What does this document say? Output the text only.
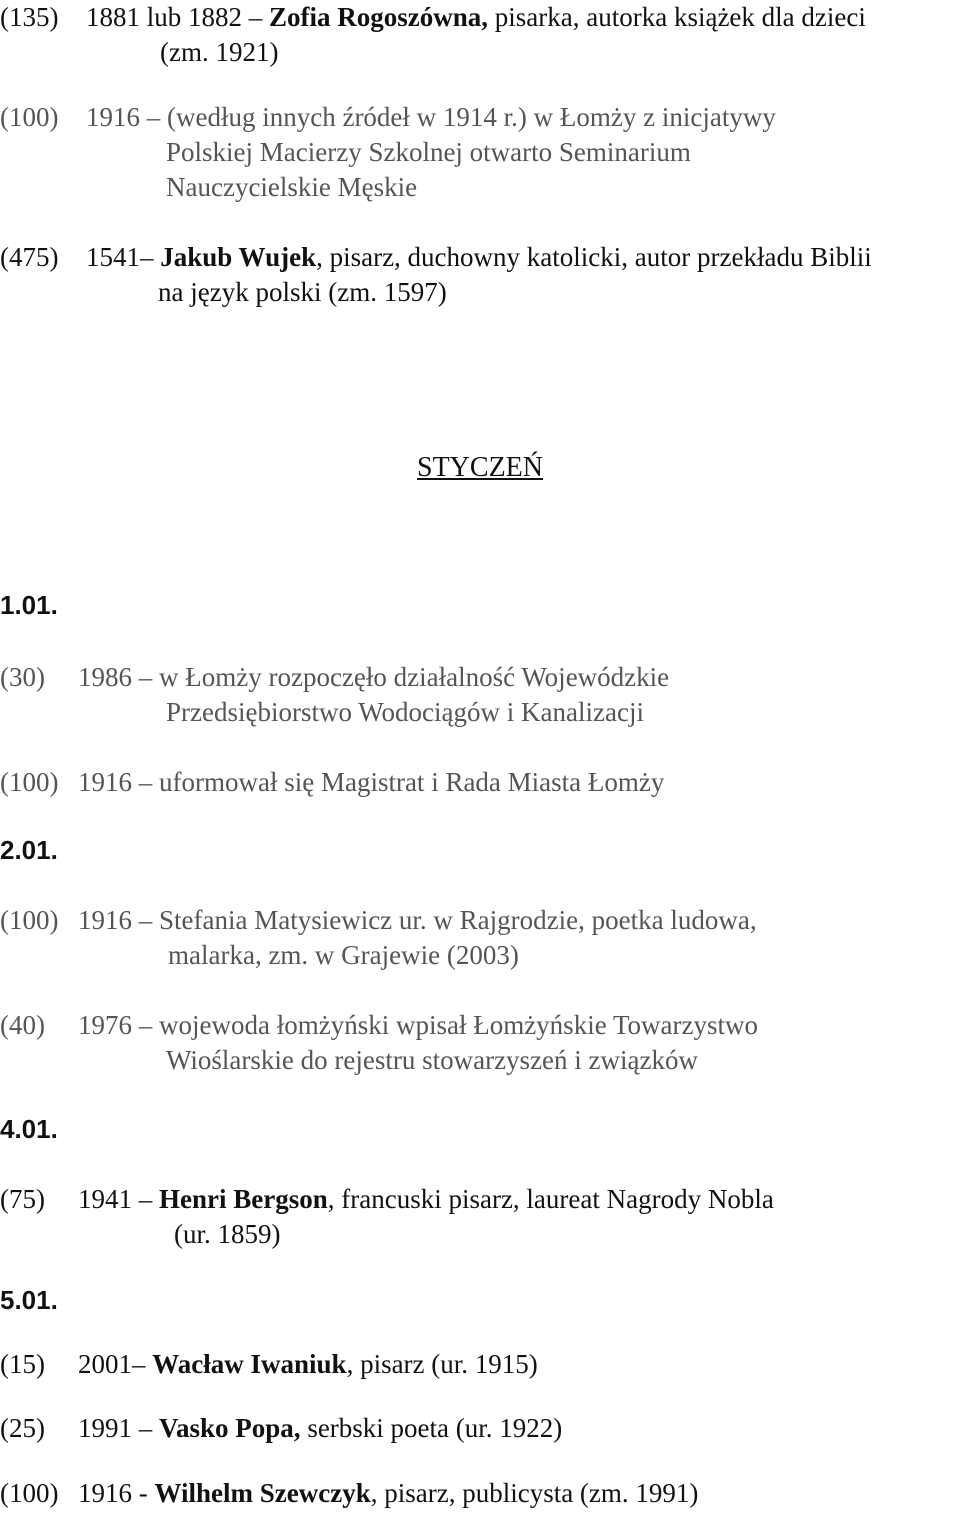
(135) 1881 lub 1882 – Zofia Rogoszówna, pisarka, autorka książek dla dzieci
(zm. 1921)
(100) 1916 – (według innych źródeł w 1914 r.) w Łomży z inicjatywy
Polskiej Macierzy Szkolnej otwarto Seminarium
Nauczycielskie Męskie
(475) 1541– Jakub Wujek, pisarz, duchowny katolicki, autor przekładu Biblii
na język polski (zm. 1597)
STYCZEŃ
1.01.
(30) 1986 – w Łomży rozpoczęło działalność Wojewódzkie
Przedsiębiorstwo Wodociągów i Kanalizacji
(100) 1916 – uformował się Magistrat i Rada Miasta Łomży
2.01.
(100) 1916 – Stefania Matysiewicz ur. w Rajgrodzie, poetka ludowa,
malarka, zm. w Grajewie (2003)
(40) 1976 – wojewoda łomżyński wpisał Łomżyńskie Towarzystwo
Wioślarskie do rejestru stowarzyszeń i związków
4.01.
(75) 1941 – Henri Bergson, francuski pisarz, laureat Nagrody Nobla
(ur. 1859)
5.01.
(15) 2001– Wacław Iwaniuk, pisarz (ur. 1915)
(25) 1991 – Vasko Popa, serbski poeta (ur. 1922)
(100) 1916 - Wilhelm Szewczyk, pisarz, publicysta (zm. 1991)
